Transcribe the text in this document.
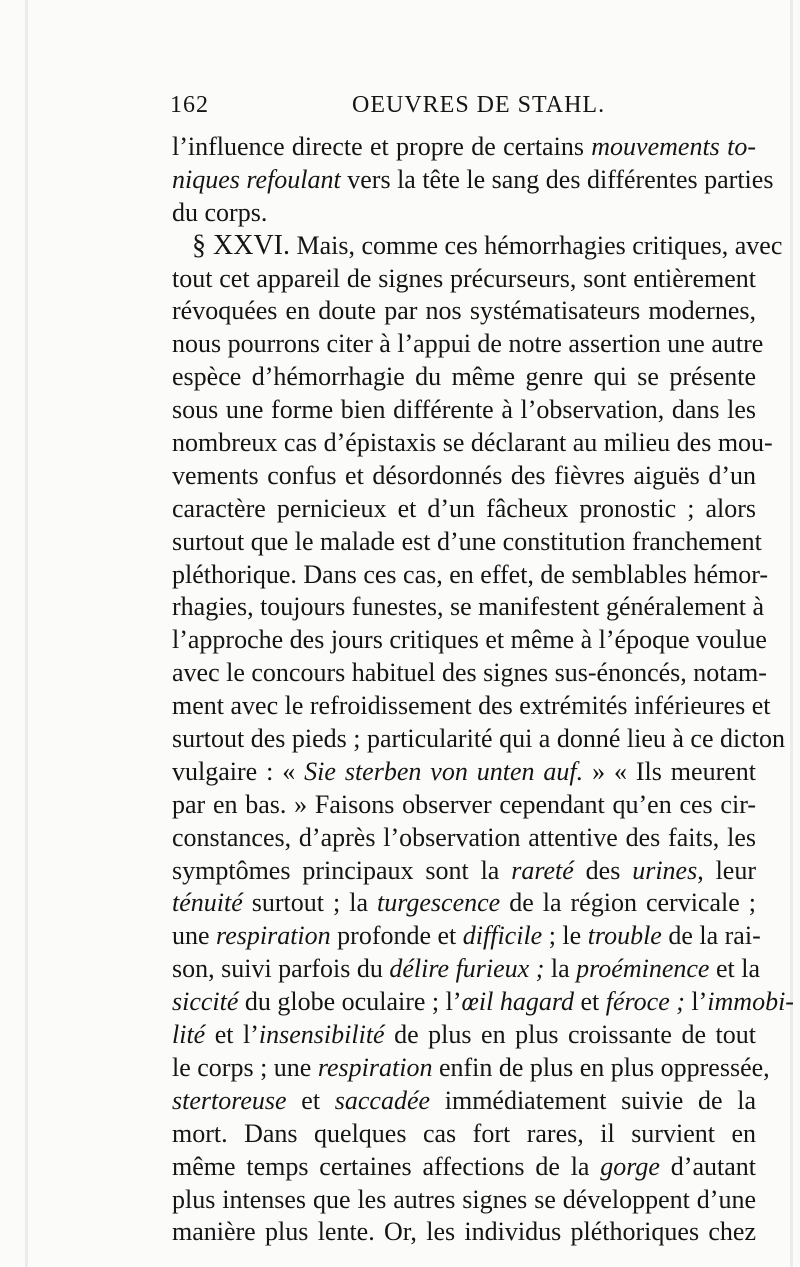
162	OEUVRES DE STAHL.
l’influence directe et propre de certains mouvements to-
niques refoulant vers la tête le sang des différentes parties
du corps.
§ XXVI. Mais, comme ces hémorrhagies critiques, avec
tout cet appareil de signes précurseurs, sont entièrement
révoquées en doute par nos systématisateurs modernes,
nous pourrons citer à l’appui de notre assertion une autre
espèce d’hémorrhagie du même genre qui se présente
sous une forme bien différente à l’observation, dans les
nombreux cas d’épistaxis se déclarant au milieu des mou-
vements confus et désordonnés des fièvres aiguës d’un
caractère pernicieux et d’un fâcheux pronostic ; alors
surtout que le malade est d’une constitution franchement
pléthorique. Dans ces cas, en effet, de semblables hémor-
rhagies, toujours funestes, se manifestent généralement à
l’approche des jours critiques et même à l’époque voulue
avec le concours habituel des signes sus-énoncés, notam-
ment avec le refroidissement des extrémités inférieures et
surtout des pieds ; particularité qui a donné lieu à ce dicton
vulgaire : « Sie sterben von unten auf. » « Ils meurent
par en bas. » Faisons observer cependant qu’en ces cir-
constances, d’après l’observation attentive des faits, les
symptômes principaux sont la rareté des urines, leur
ténuité surtout ; la turgescence de la région cervicale ;
une respiration profonde et difficile ; le trouble de la rai-
son, suivi parfois du délire furieux ; la proéminence et la
siccité du globe oculaire ; l’œil hagard et féroce ; l’immobi-
lité et l’insensibilité de plus en plus croissante de tout
le corps ; une respiration enfin de plus en plus oppressée,
stertoreuse et saccadée immédiatement suivie de la
mort. Dans quelques cas fort rares, il survient en
même temps certaines affections de la gorge d’autant
plus intenses que les autres signes se développent d’une
manière plus lente. Or, les individus pléthoriques chez
